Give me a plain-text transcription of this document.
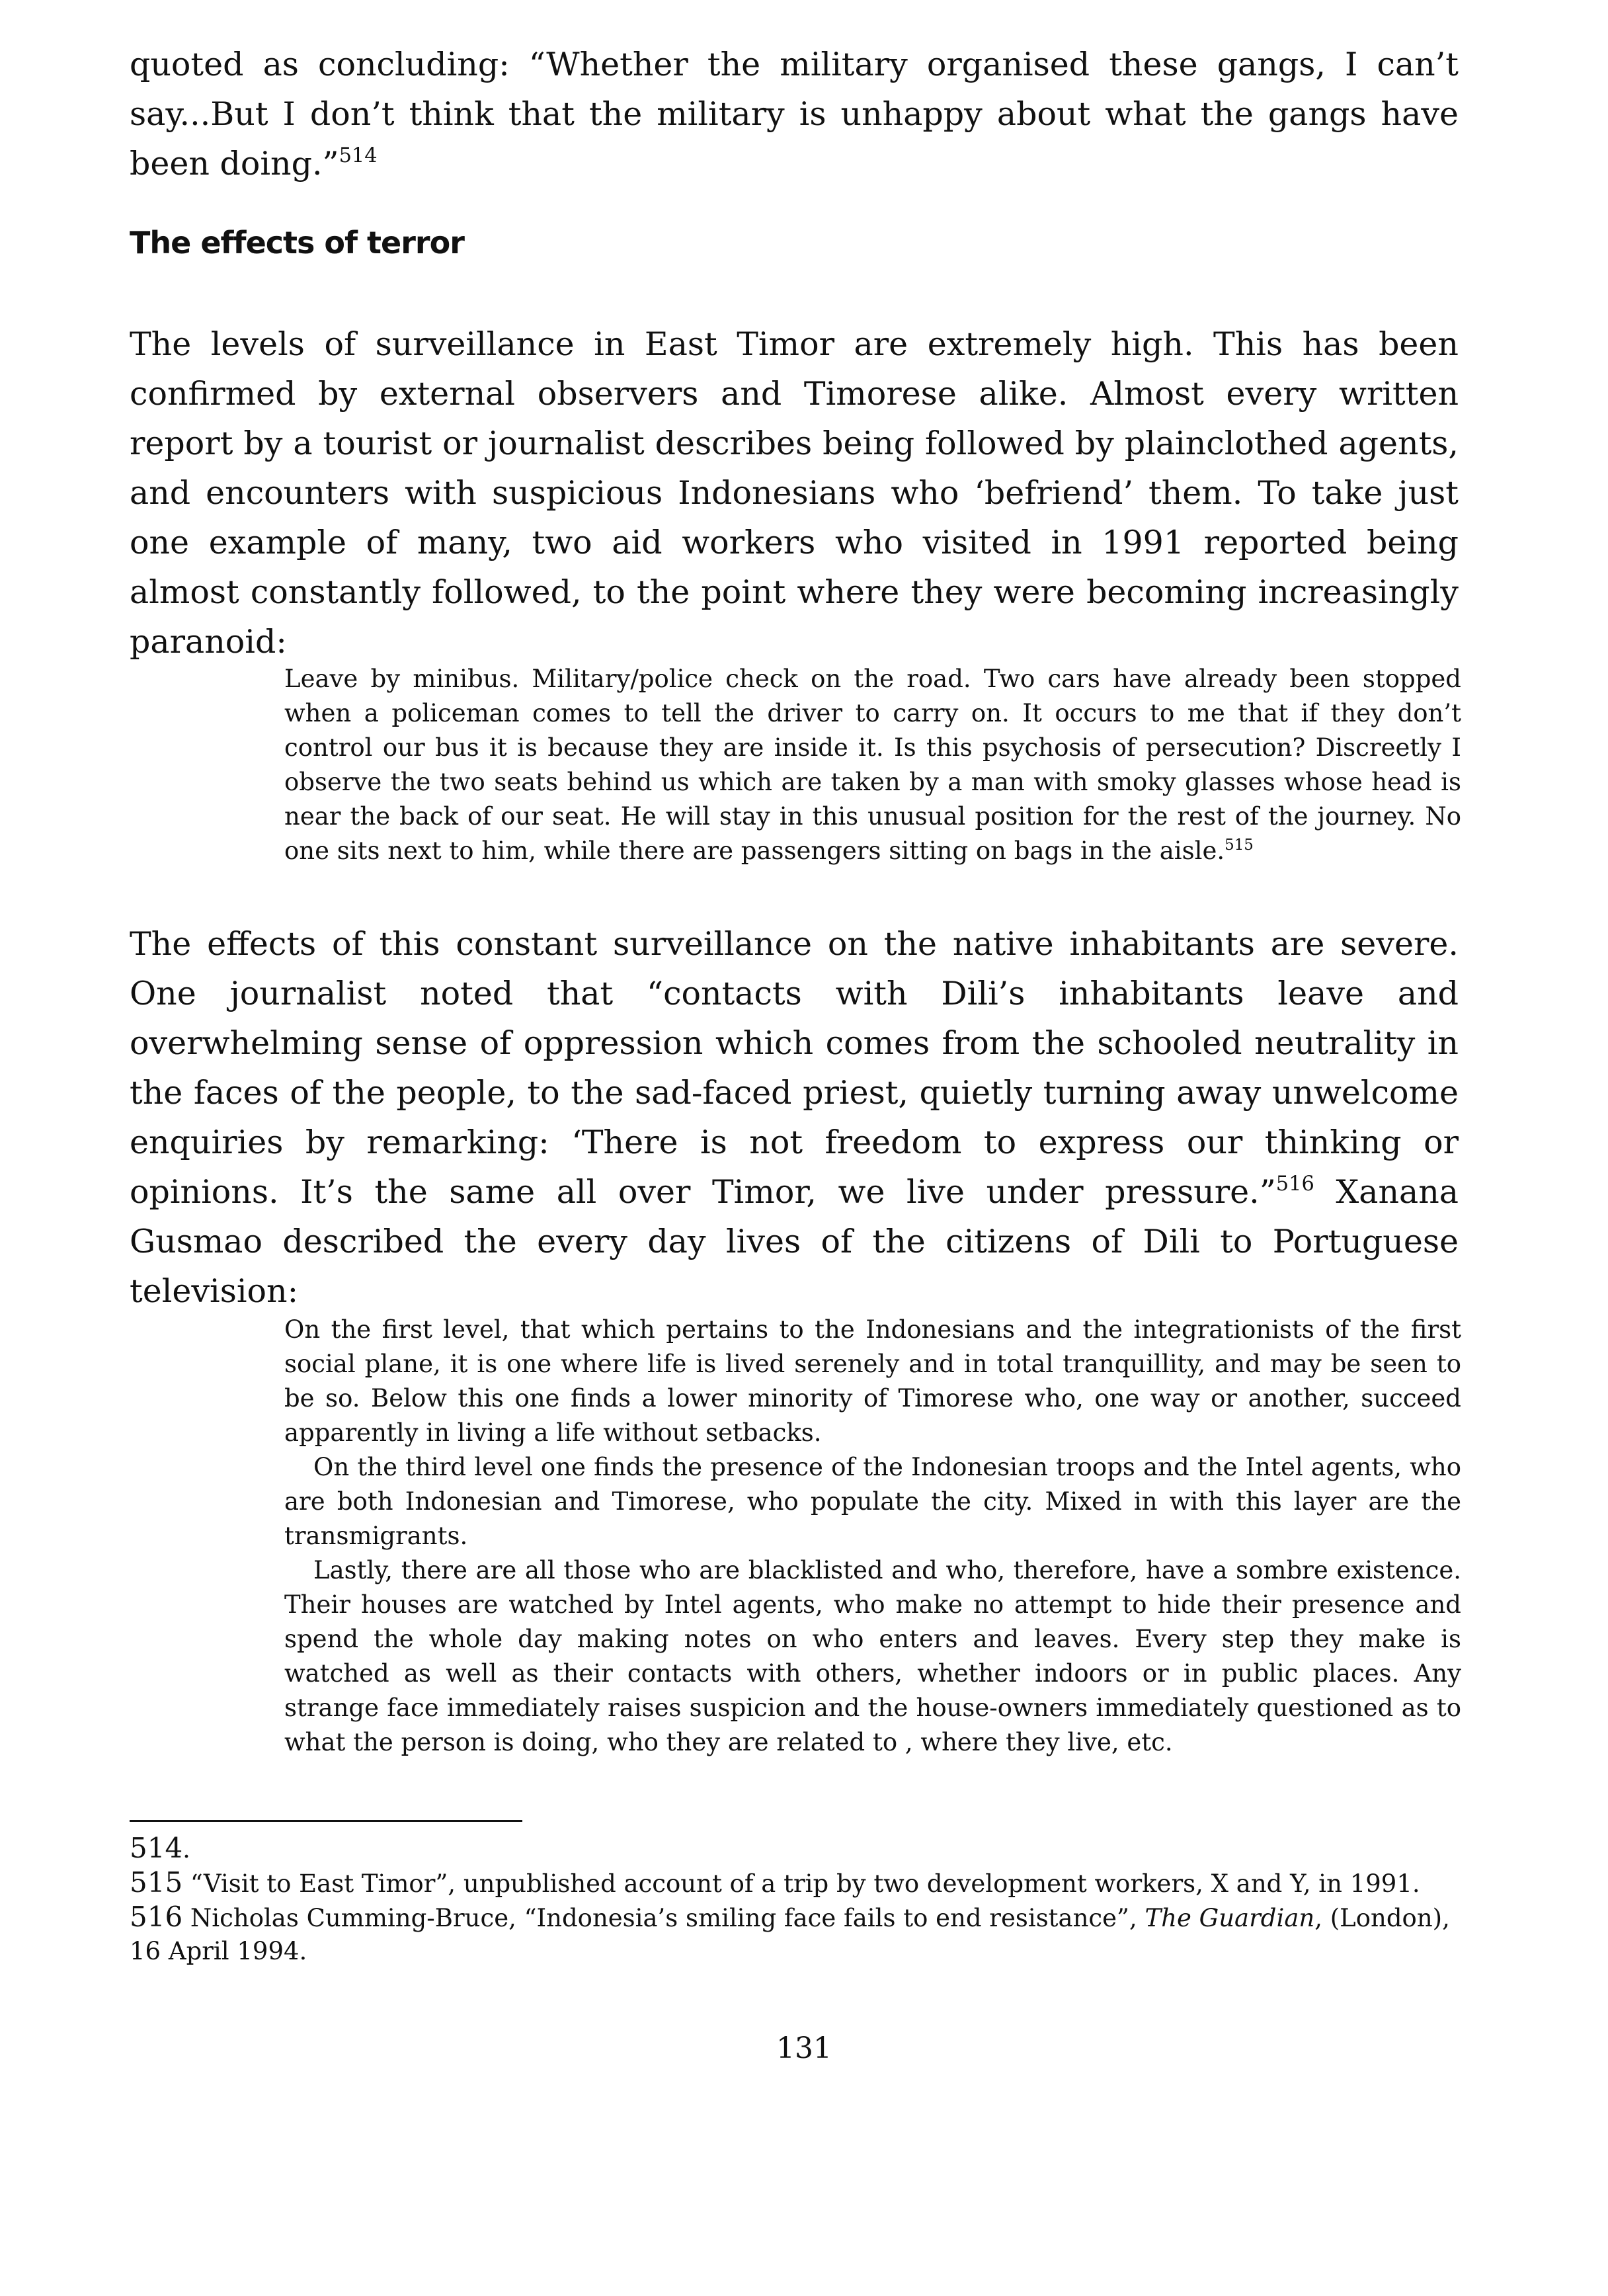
quoted as concluding: “Whether the military organised these gangs, I can’t say...But I don’t think that the military is unhappy about what the gangs have been doing.”$^{514}$

The effects of terror

The levels of surveillance in East Timor are extremely high. This has been confirmed by external observers and Timorese alike. Almost every written report by a tourist or journalist describes being followed by plainclothed agents, and encounters with suspicious Indonesians who ‘befriend’ them. To take just one example of many, two aid workers who visited in 1991 reported being almost constantly followed, to the point where they were becoming increasingly paranoid:

Leave by minibus. Military/police check on the road. Two cars have already been stopped when a policeman comes to tell the driver to carry on. It occurs to me that if they don’t control our bus it is because they are inside it. Is this psychosis of persecution? Discreetly I observe the two seats behind us which are taken by a man with smoky glasses whose head is near the back of our seat. He will stay in this unusual position for the rest of the journey. No one sits next to him, while there are passengers sitting on bags in the aisle.$^{515}$

The effects of this constant surveillance on the native inhabitants are severe. One journalist noted that “contacts with Dili’s inhabitants leave and overwhelming sense of oppression which comes from the schooled neutrality in the faces of the people, to the sad-faced priest, quietly turning away unwelcome enquiries by remarking: ‘There is not freedom to express our thinking or opinions. It’s the same all over Timor, we live under pressure.”$^{516}$ Xanana Gusmao described the every day lives of the citizens of Dili to Portuguese television:

On the first level, that which pertains to the Indonesians and the integrationists of the first social plane, it is one where life is lived serenely and in total tranquillity, and may be seen to be so. Below this one finds a lower minority of Timorese who, one way or another, succeed apparently in living a life without setbacks.

On the third level one finds the presence of the Indonesian troops and the Intel agents, who are both Indonesian and Timorese, who populate the city. Mixed in with this layer are the transmigrants.

Lastly, there are all those who are blacklisted and who, therefore, have a sombre existence. Their houses are watched by Intel agents, who make no attempt to hide their presence and spend the whole day making notes on who enters and leaves. Every step they make is watched as well as their contacts with others, whether indoors or in public places. Any strange face immediately raises suspicion and the house-owners immediately questioned as to what the person is doing, who they are related to , where they live, etc.

514.

515 “Visit to East Timor”, unpublished account of a trip by two development workers, X and Y, in 1991.

516 Nicholas Cumming-Bruce, “Indonesia’s smiling face fails to end resistance”, The Guardian, (London), 16 April 1994.

131
